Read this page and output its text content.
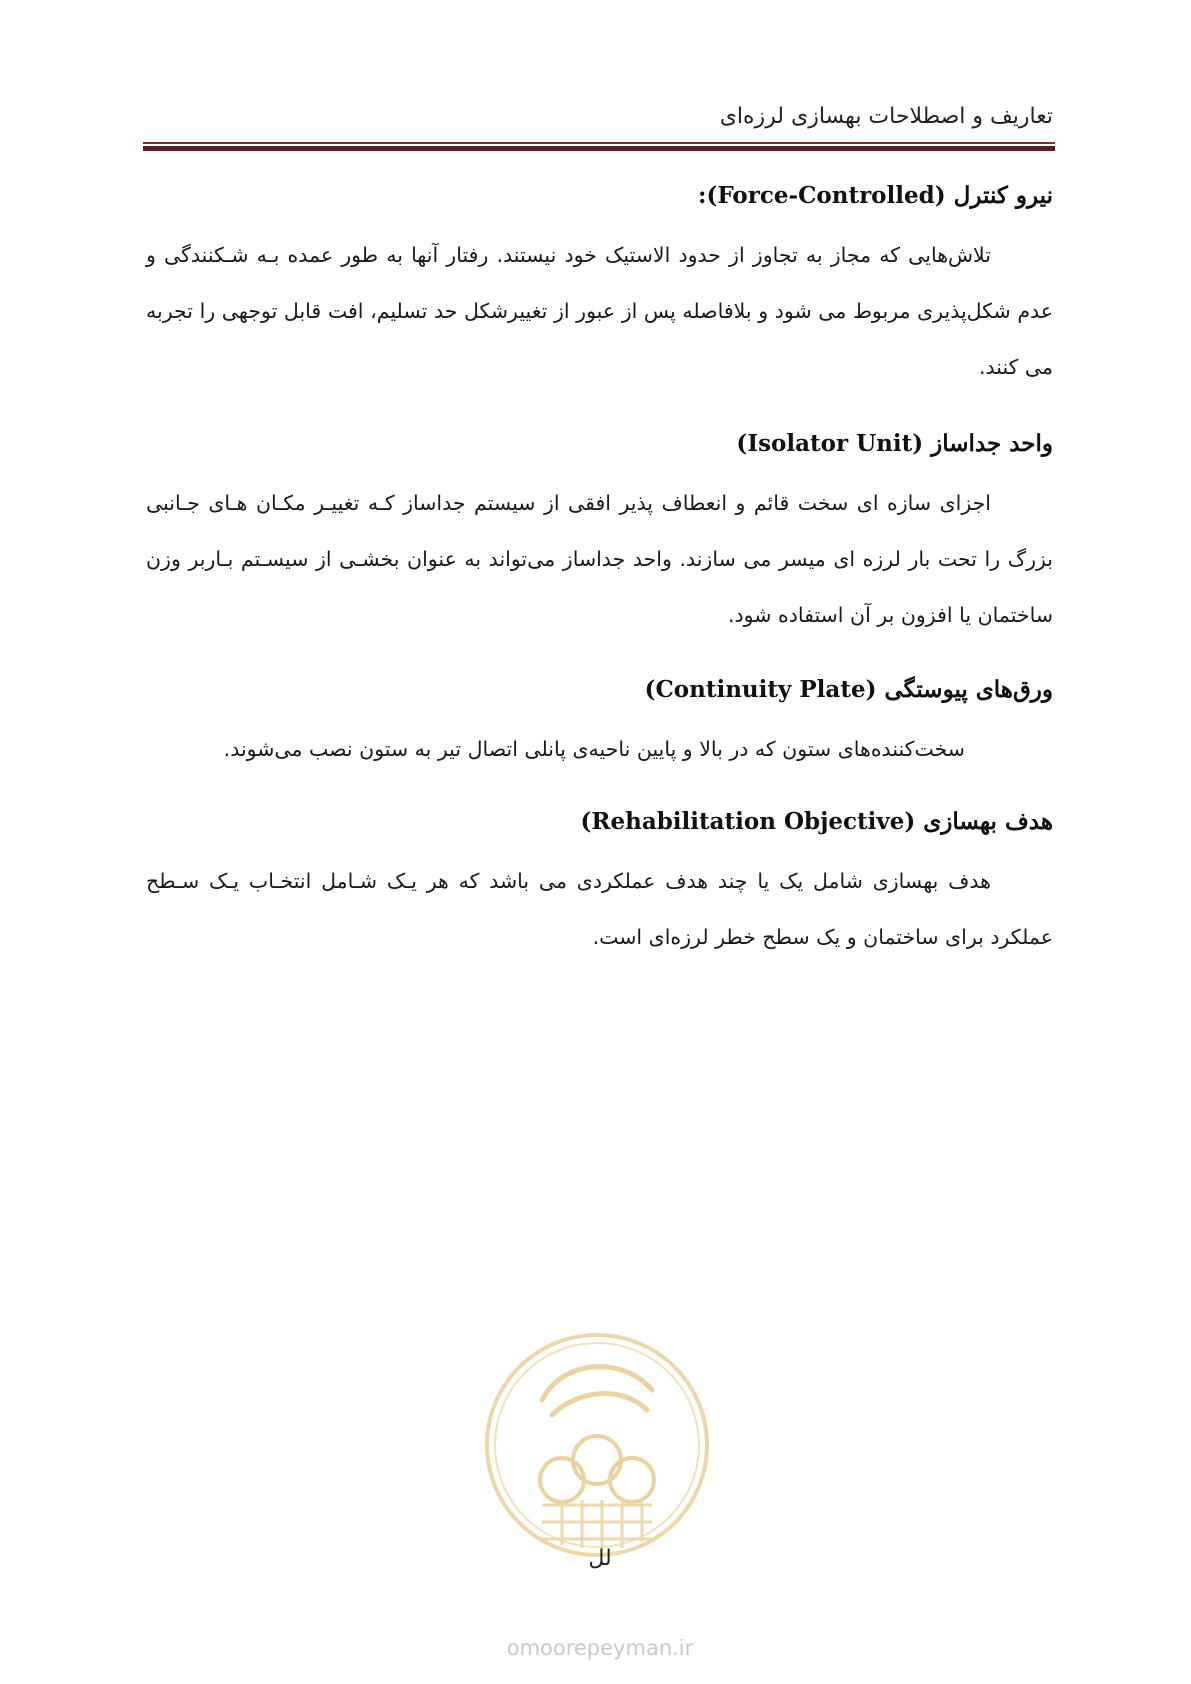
تعاریف و اصطلاحات بهسازی لرزه‌ای
نیرو کنترل (Force-Controlled):

تلاش‌هایی که مجاز به تجاوز از حدود الاستیک خود نیستند. رفتار آنها به طور عمده بـه شـکنندگی و عدم شکل‌پذیری مربوط می شود و بلافاصله پس از عبور از تغییرشکل حد تسلیم، افت قابل توجهی را تجربه می کنند.

واحد جداساز (Isolator Unit)

اجزای سازه ای سخت قائم و انعطاف پذیر افقی از سیستم جداساز کـه تغییـر مکـان هـای جـانبی بزرگ را تحت بار لرزه ای میسر می سازند. واحد جداساز می‌تواند به عنوان بخشـی از سیسـتم بـاربر وزن ساختمان یا افزون بر آن استفاده شود.

ورق‌های پیوستگی (Continuity Plate)

سخت‌کننده‌های ستون که در بالا و پایین ناحیه‌ی پانلی اتصال تیر به ستون نصب می‌شوند.

هدف بهسازی (Rehabilitation Objective)

هدف بهسازی شامل یک یا چند هدف عملکردی می باشد که هر یـک شـامل انتخـاب یـک سـطح عملکرد برای ساختمان و یک سطح خطر لرزه‌ای است.

لل
omoorepeyman.ir
